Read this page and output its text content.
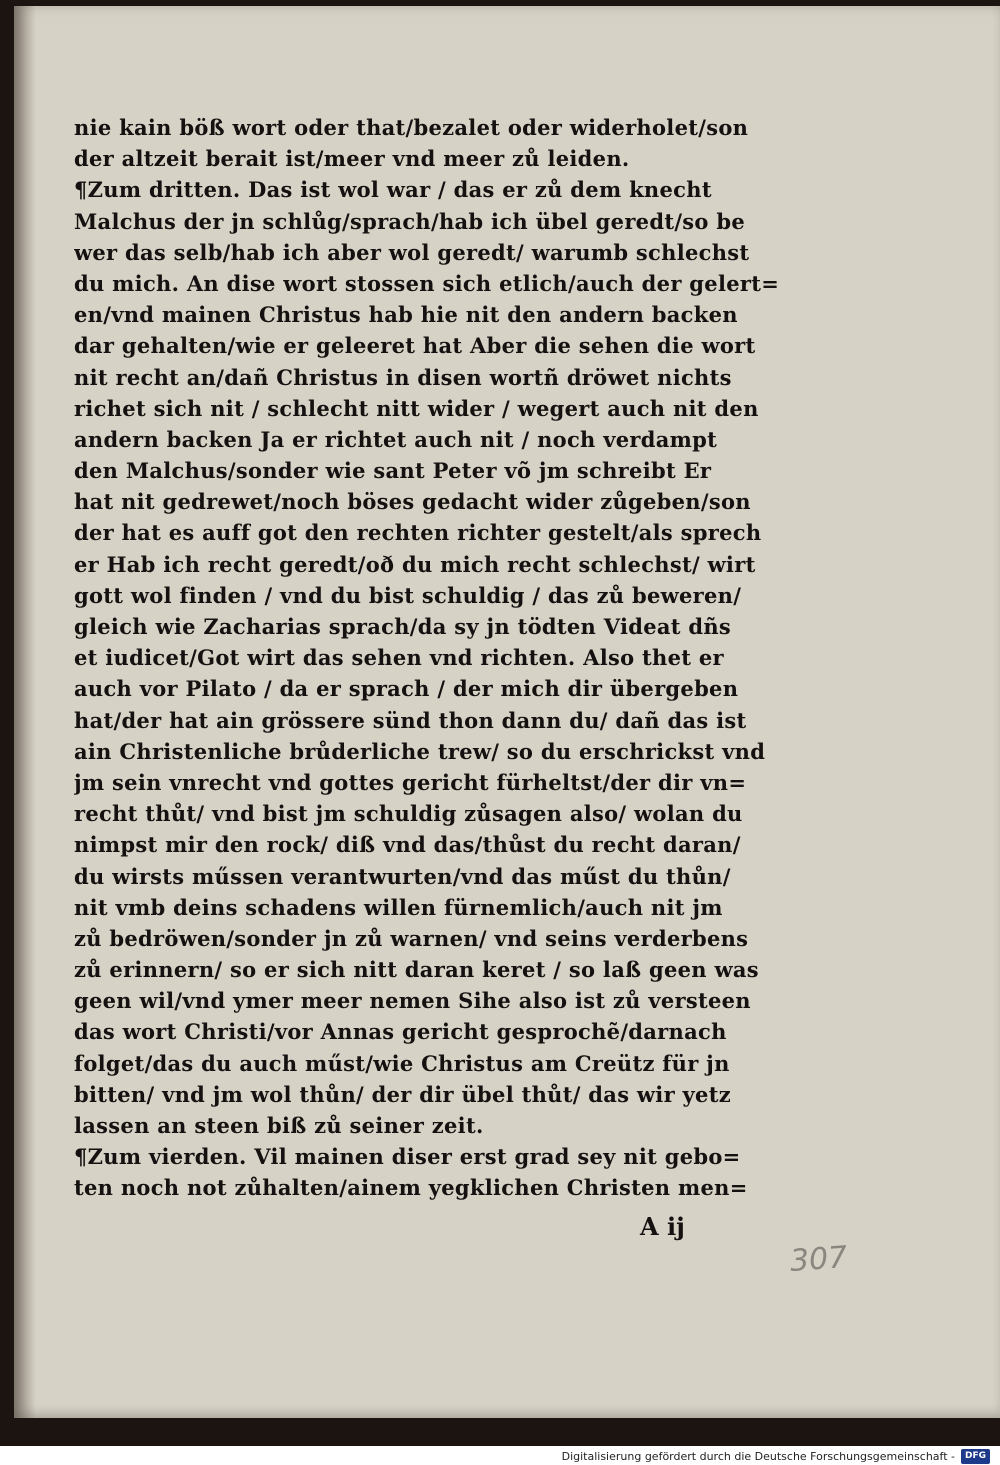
nie kain böß wort oder that/bezalet oder widerholet/son
der altzeit berait ist/meer vnd meer zů leiden.
¶Zum dritten. Das ist wol war / das er zů dem knecht
Malchus der jn schlůg/sprach/hab ich übel geredt/so be
wer das selb/hab ich aber wol geredt/ warumb schlechst
du mich. An dise wort stossen sich etlich/auch der gelert=
en/vnd mainen Christus hab hie nit den andern backen
dar gehalten/wie er geleeret hat Aber die sehen die wort
nit recht an/dañ Christus in disen wortñ dröwet nichts
richet sich nit / schlecht nitt wider / wegert auch nit den
andern backen Ja er richtet auch nit / noch verdampt
den Malchus/sonder wie sant Peter võ jm schreibt Er
hat nit gedrewet/noch böses gedacht wider zůgeben/son
der hat es auff got den rechten richter gestelt/als sprech
er Hab ich recht geredt/oð du mich recht schlechst/ wirt
gott wol finden / vnd du bist schuldig / das zů beweren/
gleich wie Zacharias sprach/da sy jn tödten Videat dñs
et iudicet/Got wirt das sehen vnd richten. Also thet er
auch vor Pilato / da er sprach / der mich dir übergeben
hat/der hat ain grössere sünd thon dann du/ dañ das ist
ain Christenliche brůderliche trew/ so du erschrickst vnd
jm sein vnrecht vnd gottes gericht fürheltst/der dir vn=
recht thůt/ vnd bist jm schuldig zůsagen also/ wolan du
nimpst mir den rock/ diß vnd das/thůst du recht daran/
du wirsts műssen verantwurten/vnd das műst du thůn/
nit vmb deins schadens willen fürnemlich/auch nit jm
zů bedröwen/sonder jn zů warnen/ vnd seins verderbens
zů erinnern/ so er sich nitt daran keret / so laß geen was
geen wil/vnd ymer meer nemen Sihe also ist zů versteen
das wort Christi/vor Annas gericht gesprochẽ/darnach
folget/das du auch műst/wie Christus am Creütz für jn
bitten/ vnd jm wol thůn/ der dir übel thůt/ das wir yetz
lassen an steen biß zů seiner zeit.
¶Zum vierden. Vil mainen diser erst grad sey nit gebo=
ten noch not zůhalten/ainem yegklichen Christen men=
A ij
307
Digitalisierung gefördert durch die Deutsche Forschungsgemeinschaft -	DFG
